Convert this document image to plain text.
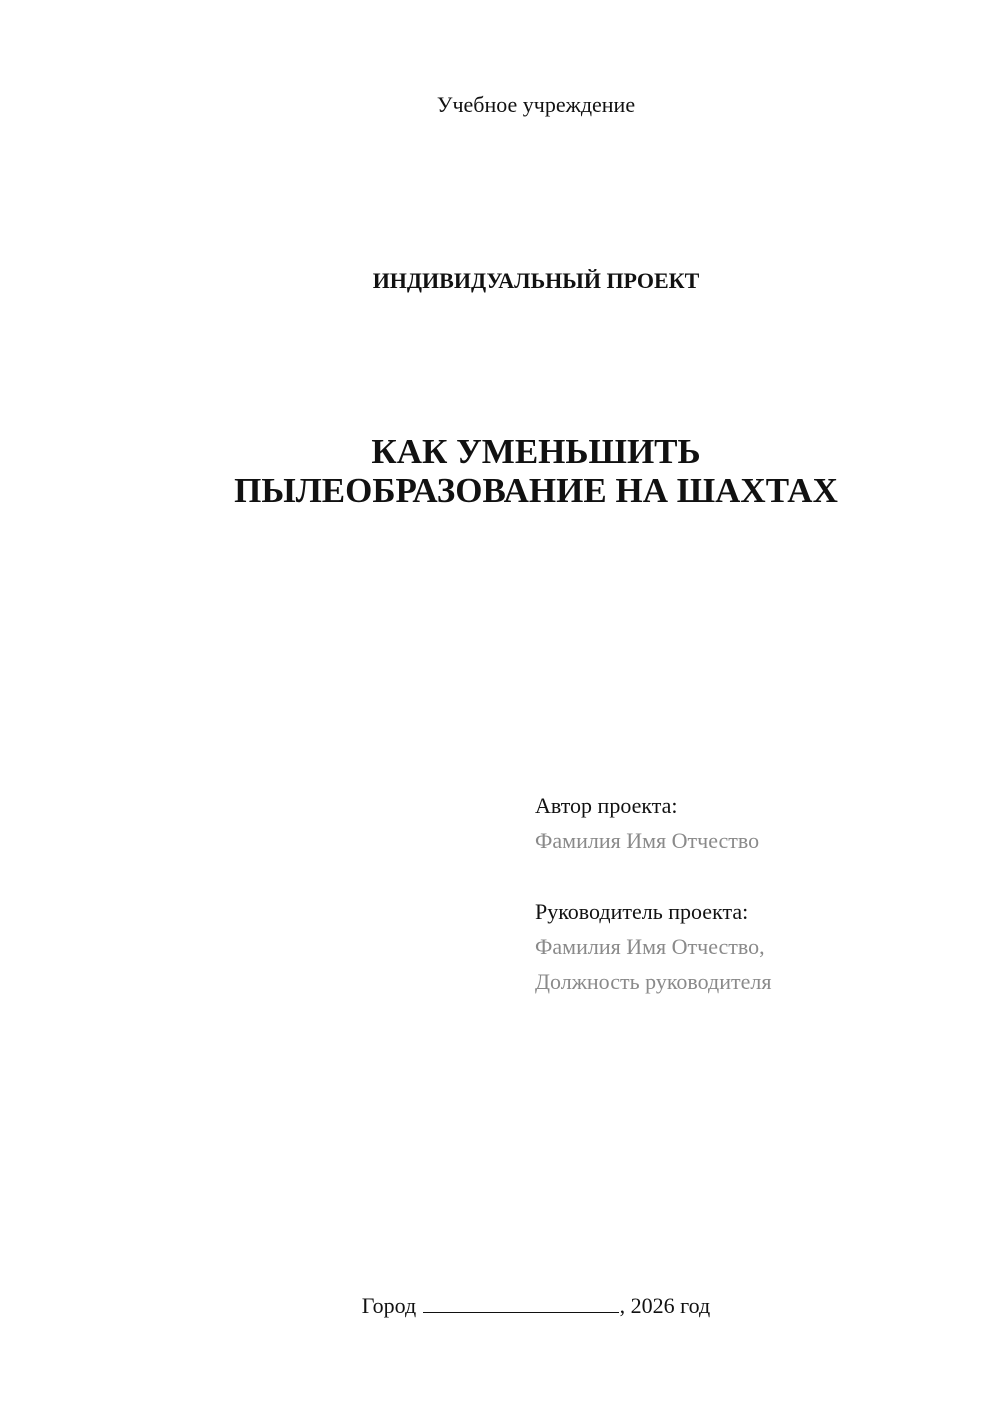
Учебное учреждение
ИНДИВИДУАЛЬНЫЙ ПРОЕКТ
КАК УМЕНЬШИТЬ
ПЫЛЕОБРАЗОВАНИЕ НА ШАХТАХ
Автор проекта:
Фамилия Имя Отчество
Руководитель проекта:
Фамилия Имя Отчество,
Должность руководителя
Город	, 2026 год
